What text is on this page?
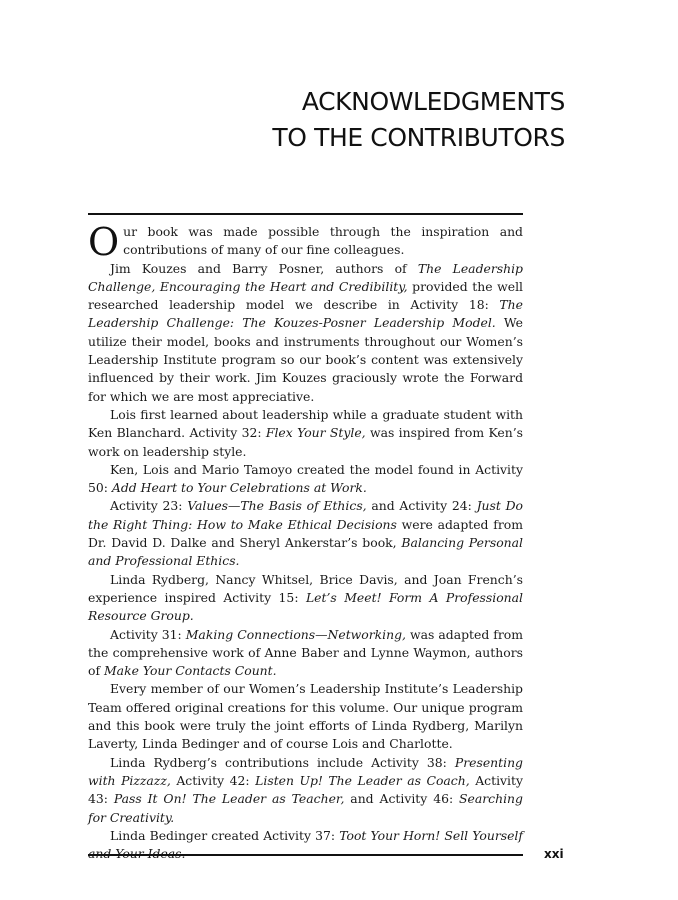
ACKNOWLEDGMENTS
TO THE CONTRIBUTORS

Our book was made possible through the inspiration and contributions of many of our fine colleagues.

Jim Kouzes and Barry Posner, authors of The Leadership Challenge, Encouraging the Heart and Credibility, provided the well researched leadership model we describe in Activity 18: The Leadership Challenge: The Kouzes-Posner Leadership Model. We utilize their model, books and instruments throughout our Women’s Leadership Institute program so our book’s content was extensively influenced by their work. Jim Kouzes graciously wrote the Forward for which we are most appreciative.

Lois first learned about leadership while a graduate student with Ken Blanchard. Activity 32: Flex Your Style, was inspired from Ken’s work on leadership style.

Ken, Lois and Mario Tamoyo created the model found in Activity 50: Add Heart to Your Celebrations at Work.

Activity 23: Values—The Basis of Ethics, and Activity 24: Just Do the Right Thing: How to Make Ethical Decisions were adapted from Dr. David D. Dalke and Sheryl Ankerstar’s book, Balancing Personal and Professional Ethics.

Linda Rydberg, Nancy Whitsel, Brice Davis, and Joan French’s experience inspired Activity 15: Let’s Meet! Form A Professional Resource Group.

Activity 31: Making Connections—Networking, was adapted from the comprehensive work of Anne Baber and Lynne Waymon, authors of Make Your Contacts Count.

Every member of our Women’s Leadership Institute’s Leadership Team offered original creations for this volume. Our unique program and this book were truly the joint efforts of Linda Rydberg, Marilyn Laverty, Linda Bedinger and of course Lois and Charlotte.

Linda Rydberg’s contributions include Activity 38: Presenting with Pizzazz, Activity 42: Listen Up! The Leader as Coach, Activity 43: Pass It On! The Leader as Teacher, and Activity 46: Searching for Creativity.

Linda Bedinger created Activity 37: Toot Your Horn! Sell Yourself

xxi
